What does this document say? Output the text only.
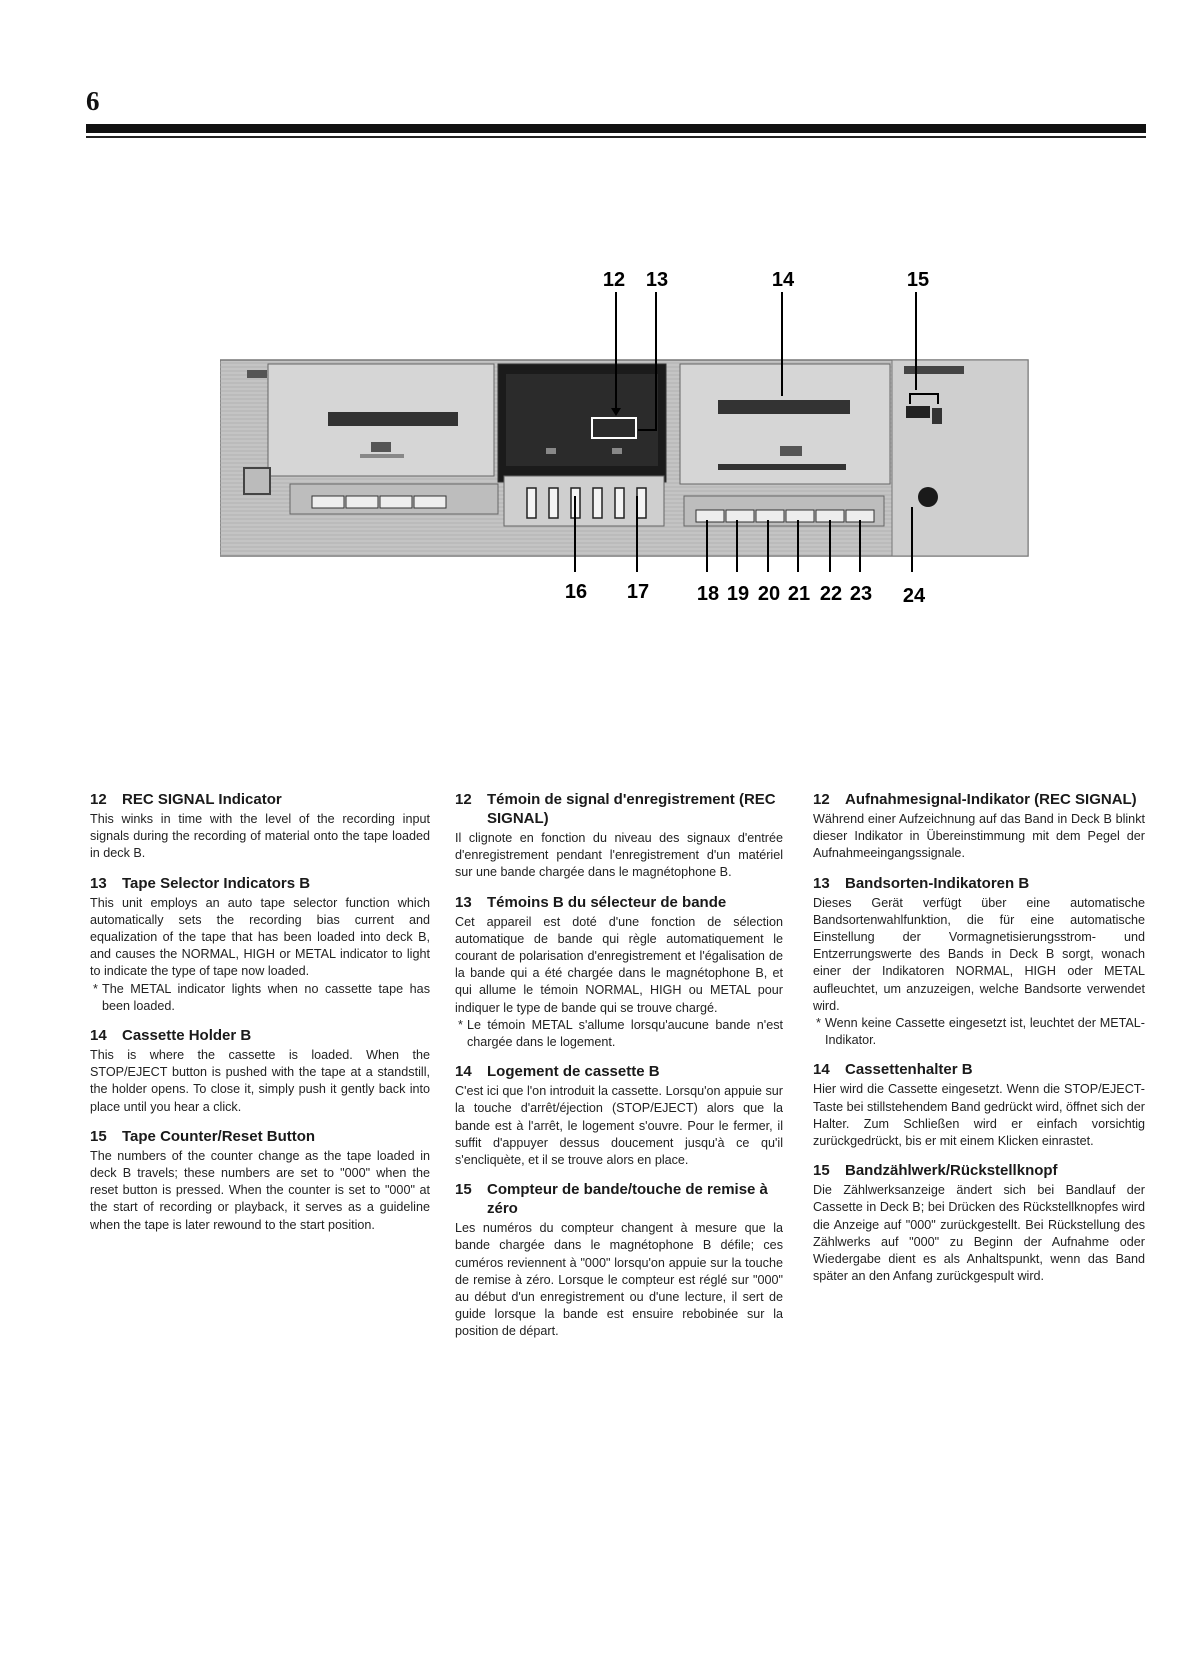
6
12 13	14	15
16 17 18 19 20 21 22 23 24
12	REC SIGNAL Indicator

This winks in time with the level of the recording input signals during the recording of material onto the tape loaded in deck B.

13	Tape Selector Indicators B

This unit employs an auto tape selector function which automatically sets the recording bias current and equalization of the tape that has been loaded into deck B, and causes the NORMAL, HIGH or METAL indicator to light to indicate the type of tape now loaded.

* The METAL indicator lights when no cassette tape has been loaded.

14	Cassette Holder B

This is where the cassette is loaded. When the STOP/EJECT button is pushed with the tape at a standstill, the holder opens. To close it, simply push it gently back into place until you hear a click.

15	Tape Counter/Reset Button

The numbers of the counter change as the tape loaded in deck B travels; these numbers are set to "000" when the reset button is pressed. When the counter is set to "000" at the start of recording or playback, it serves as a guideline when the tape is later rewound to the start position.

12	Témoin de signal d'enregistrement (REC SIGNAL)

Il clignote en fonction du niveau des signaux d'entrée d'enregistrement pendant l'enregistrement d'un matériel sur une bande chargée dans le magnétophone B.

13	Témoins B du sélecteur de bande

Cet appareil est doté d'une fonction de sélection automatique de bande qui règle automatiquement le courant de polarisation d'enregistrement et l'égalisation de la bande qui a été chargée dans le magnétophone B, et qui allume le témoin NORMAL, HIGH ou METAL pour indiquer le type de bande qui se trouve chargé.

* Le témoin METAL s'allume lorsqu'aucune bande n'est chargée dans le logement.

14	Logement de cassette B

C'est ici que l'on introduit la cassette. Lorsqu'on appuie sur la touche d'arrêt/éjection (STOP/EJECT) alors que la bande est à l'arrêt, le logement s'ouvre. Pour le fermer, il suffit d'appuyer dessus doucement jusqu'à ce qu'il s'encliquète, et il se trouve alors en place.

15	Compteur de bande/touche de remise à zéro

Les numéros du compteur changent à mesure que la bande chargée dans le magnétophone B défile; ces cuméros reviennent à "000" lorsqu'on appuie sur la touche de remise à zéro. Lorsque le compteur est réglé sur "000" au début d'un enregistrement ou d'une lecture, il sert de guide lorsque la bande est ensuire rebobinée sur la position de départ.

12	Aufnahmesignal-Indikator (REC SIGNAL)

Während einer Aufzeichnung auf das Band in Deck B blinkt dieser Indikator in Übereinstimmung mit dem Pegel der Aufnahmeeingangssignale.

13	Bandsorten-Indikatoren B

Dieses Gerät verfügt über eine automatische Bandsortenwahlfunktion, die für eine automatische Einstellung der Vormagnetisierungsstrom- und Entzerrungswerte des Bands in Deck B sorgt, wonach einer der Indikatoren NORMAL, HIGH oder METAL aufleuchtet, um anzuzeigen, welche Bandsorte verwendet wird.

* Wenn keine Cassette eingesetzt ist, leuchtet der METAL-Indikator.

14	Cassettenhalter B

Hier wird die Cassette eingesetzt. Wenn die STOP/EJECT-Taste bei stillstehendem Band gedrückt wird, öffnet sich der Halter. Zum Schließen wird er einfach vorsichtig zurückgedrückt, bis er mit einem Klicken einrastet.

15	Bandzählwerk/Rückstellknopf

Die Zählwerksanzeige ändert sich bei Bandlauf der Cassette in Deck B; bei Drücken des Rückstellknopfes wird die Anzeige auf "000" zurückgestellt. Bei Rückstellung des Zählwerks auf "000" zu Beginn der Aufnahme oder Wiedergabe dient es als Anhaltspunkt, wenn das Band später an den Anfang zurückgespult wird.
